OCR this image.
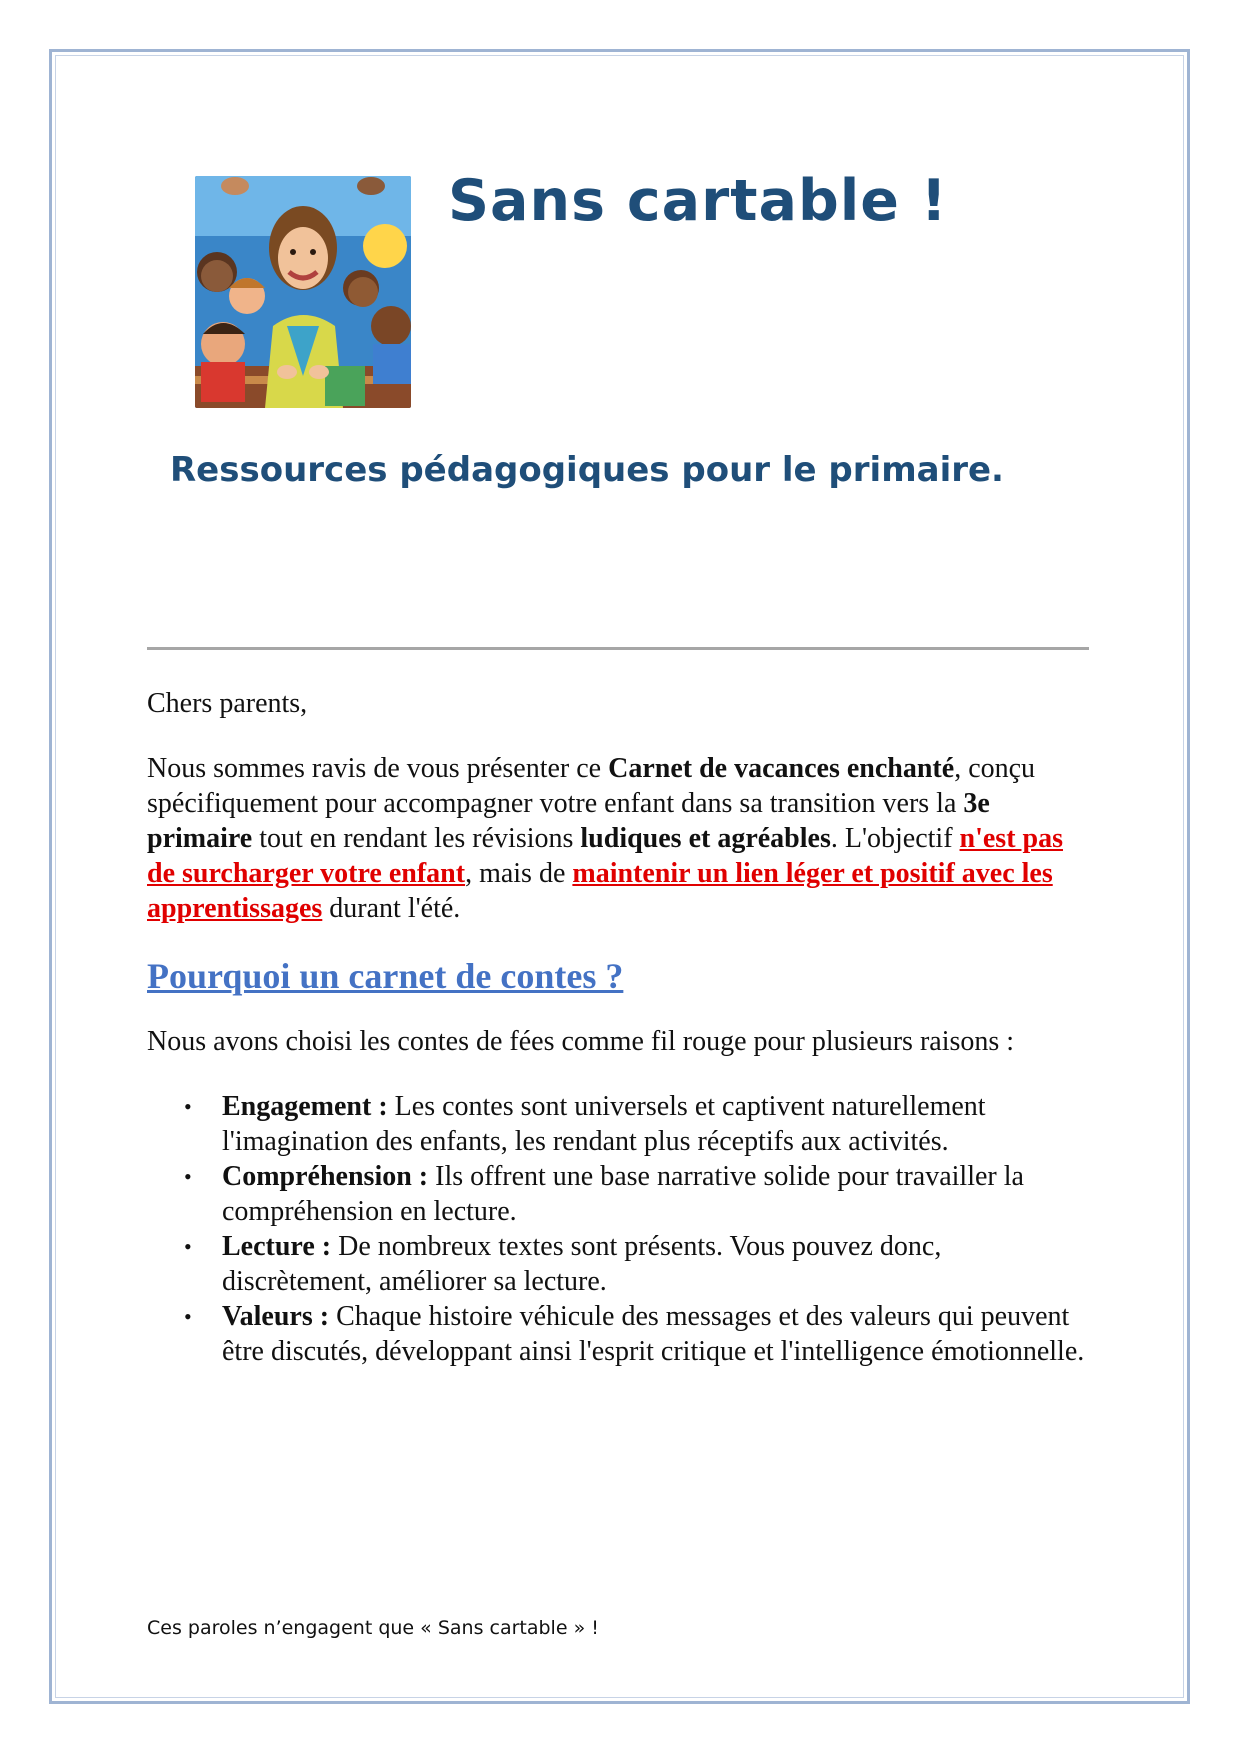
Sans cartable !
Ressources pédagogiques pour le primaire.

Chers parents,

Nous sommes ravis de vous présenter ce Carnet de vacances enchanté, conçu spécifiquement pour accompagner votre enfant dans sa transition vers la 3e primaire tout en rendant les révisions ludiques et agréables. L'objectif n'est pas de surcharger votre enfant, mais de maintenir un lien léger et positif avec les apprentissages durant l'été.

Pourquoi un carnet de contes ?

Nous avons choisi les contes de fées comme fil rouge pour plusieurs raisons :

• Engagement : Les contes sont universels et captivent naturellement l'imagination des enfants, les rendant plus réceptifs aux activités.
• Compréhension : Ils offrent une base narrative solide pour travailler la compréhension en lecture.
• Lecture : De nombreux textes sont présents. Vous pouvez donc, discrètement, améliorer sa lecture.
• Valeurs : Chaque histoire véhicule des messages et des valeurs qui peuvent être discutés, développant ainsi l'esprit critique et l'intelligence émotionnelle.

Ces paroles n’engagent que « Sans cartable » !
